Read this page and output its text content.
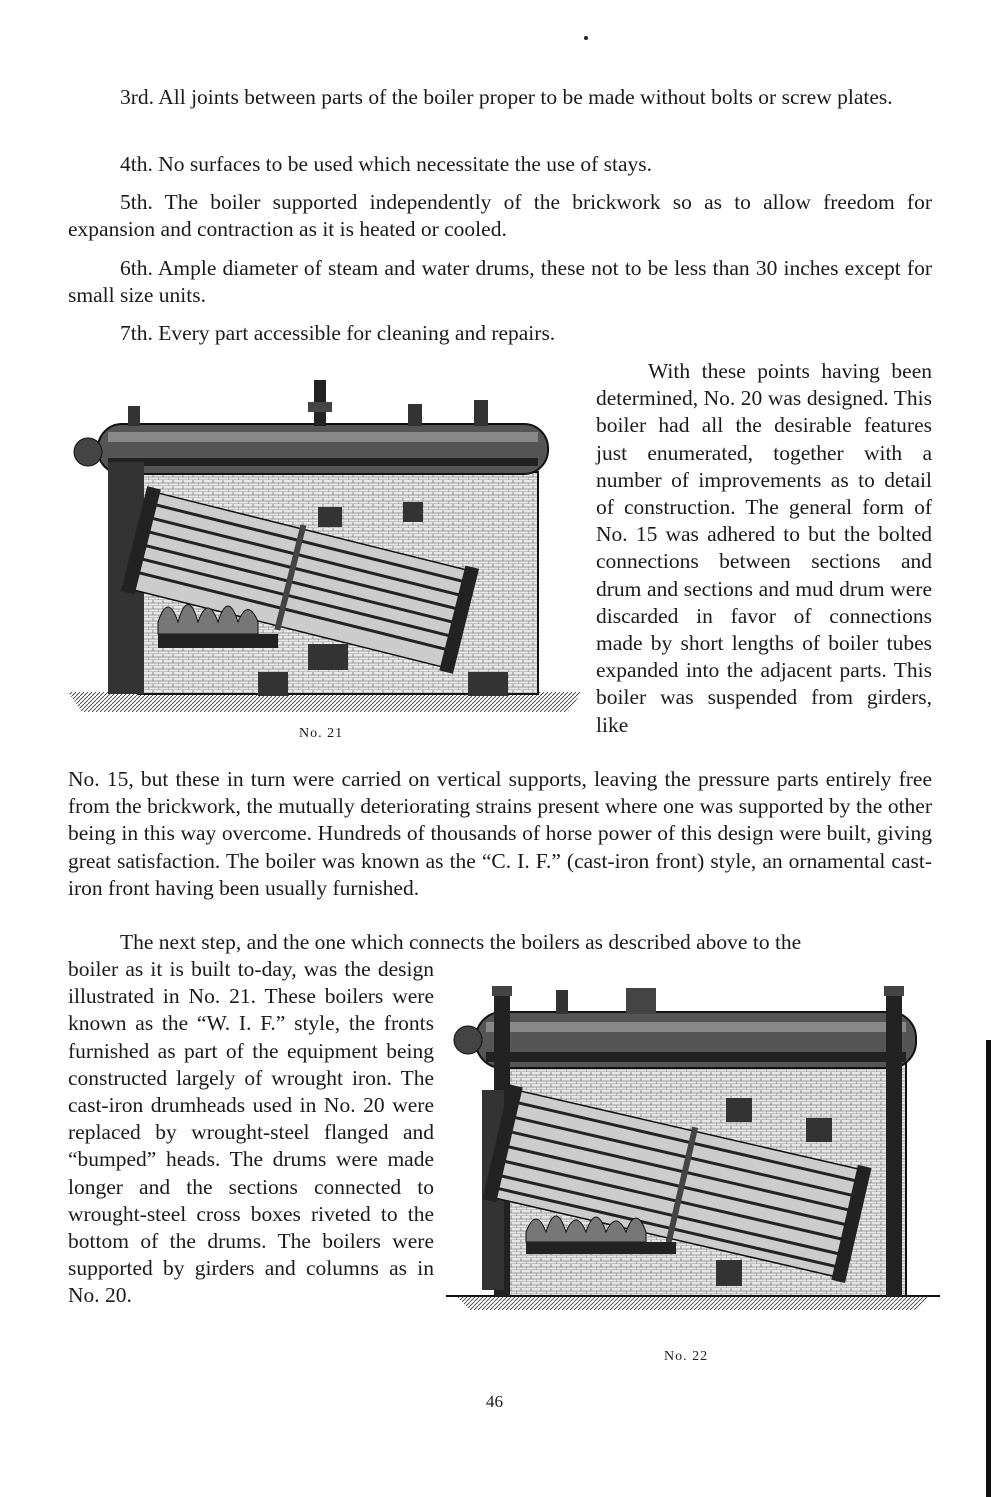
3rd. All joints between parts of the boiler proper to be made without bolts or screw plates.

4th. No surfaces to be used which necessitate the use of stays.

5th. The boiler supported independently of the brickwork so as to allow freedom for expansion and contraction as it is heated or cooled.

6th. Ample diameter of steam and water drums, these not to be less than 30 inches except for small size units.

7th. Every part accessible for cleaning and repairs.

No. 21

With these points having been determined, No. 20 was designed. This boiler had all the desirable features just enumerated, together with a number of improvements as to detail of construction. The general form of No. 15 was adhered to but the bolted connections between sections and drum and sections and mud drum were discarded in favor of connections made by short lengths of boiler tubes expanded into the adjacent parts. This boiler was suspended from girders, like

No. 15, but these in turn were carried on vertical supports, leaving the pressure parts entirely free from the brickwork, the mutually deteriorating strains present where one was supported by the other being in this way overcome. Hundreds of thousands of horse power of this design were built, giving great satisfaction. The boiler was known as the “C. I. F.” (cast-iron front) style, an ornamental cast-iron front having been usually furnished.

The next step, and the one which connects the boilers as described above to the

boiler as it is built to-day, was the design illustrated in No. 21. These boilers were known as the “W. I. F.” style, the fronts furnished as part of the equipment being constructed largely of wrought iron. The cast-iron drumheads used in No. 20 were replaced by wrought-steel flanged and “bumped” heads. The drums were made longer and the sections connected to wrought-steel cross boxes riveted to the bottom of the drums. The boilers were supported by girders and columns as in No. 20.

No. 22

46
